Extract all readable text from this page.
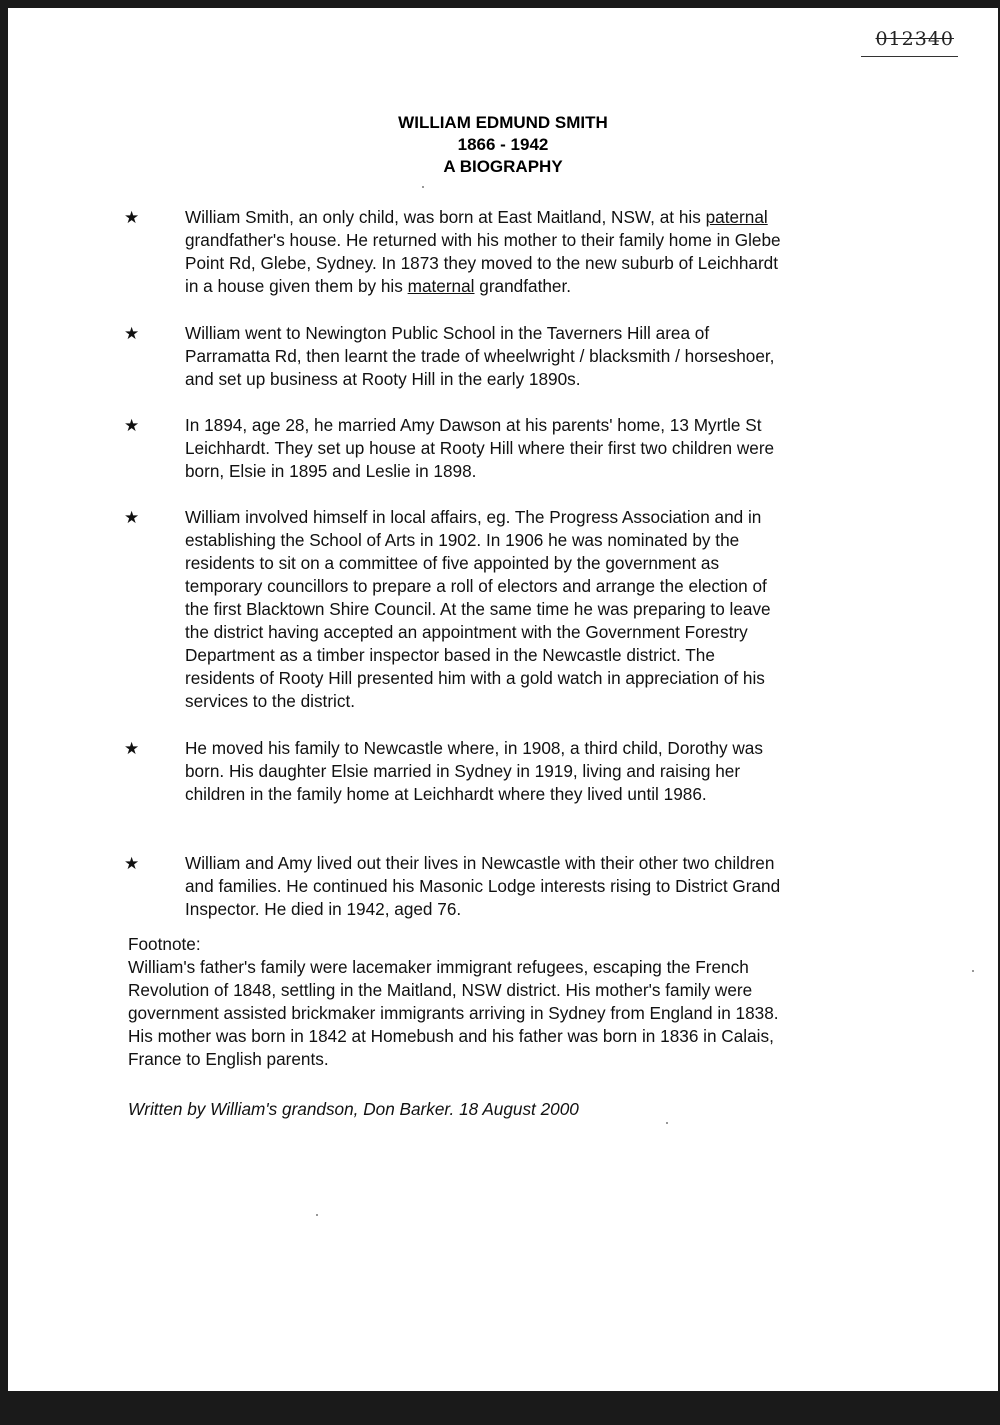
012340
WILLIAM EDMUND SMITH
1866 - 1942
A BIOGRAPHY
★	William Smith, an only child, was born at East Maitland, NSW, at his paternal
grandfather's house. He returned with his mother to their family home in Glebe
Point Rd, Glebe, Sydney. In 1873 they moved to the new suburb of Leichhardt
in a house given them by his maternal grandfather.
★	William went to Newington Public School in the Taverners Hill area of
Parramatta Rd, then learnt the trade of wheelwright / blacksmith / horseshoer,
and set up business at Rooty Hill in the early 1890s.
★	In 1894, age 28, he married Amy Dawson at his parents' home, 13 Myrtle St
Leichhardt. They set up house at Rooty Hill where their first two children were
born, Elsie in 1895 and Leslie in 1898.
★	William involved himself in local affairs, eg. The Progress Association and in
establishing the School of Arts in 1902. In 1906 he was nominated by the
residents to sit on a committee of five appointed by the government as
temporary councillors to prepare a roll of electors and arrange the election of
the first Blacktown Shire Council. At the same time he was preparing to leave
the district having accepted an appointment with the Government Forestry
Department as a timber inspector based in the Newcastle district. The
residents of Rooty Hill presented him with a gold watch in appreciation of his
services to the district.
★	He moved his family to Newcastle where, in 1908, a third child, Dorothy was
born. His daughter Elsie married in Sydney in 1919, living and raising her
children in the family home at Leichhardt where they lived until 1986.
★	William and Amy lived out their lives in Newcastle with their other two children
and families. He continued his Masonic Lodge interests rising to District Grand
Inspector. He died in 1942, aged 76.
Footnote:
William's father's family were lacemaker immigrant refugees, escaping the French
Revolution of 1848, settling in the Maitland, NSW district. His mother's family were
government assisted brickmaker immigrants arriving in Sydney from England in 1838.
His mother was born in 1842 at Homebush and his father was born in 1836 in Calais,
France to English parents.
Written by William's grandson, Don Barker. 18 August 2000
